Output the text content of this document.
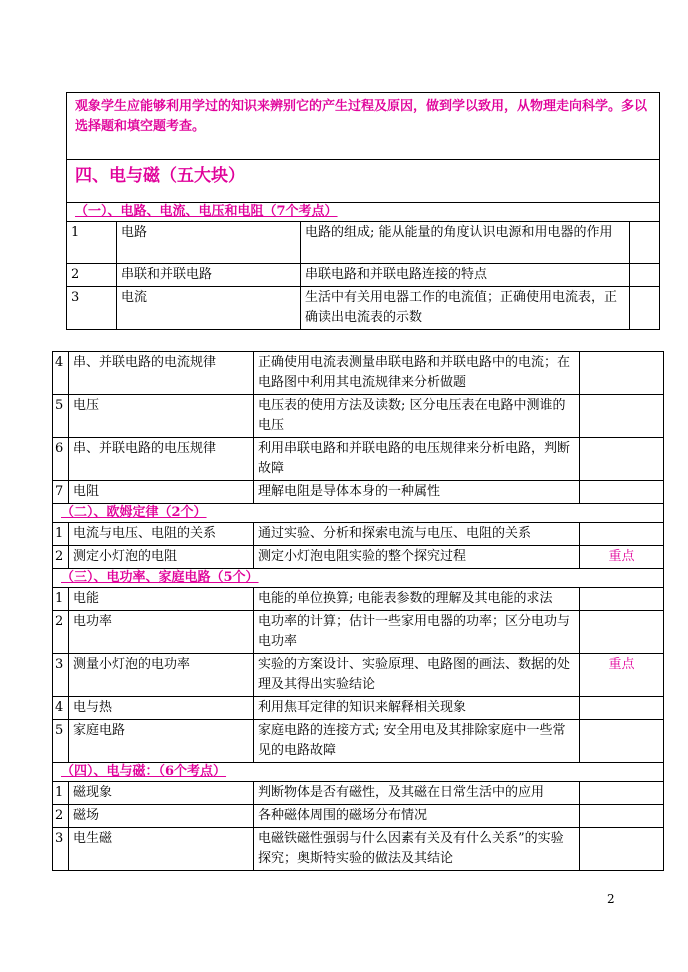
观象学生应能够利用学过的知识来辨别它的产生过程及原因，做到学以致用，从物理走向科学。多以选择题和填空题考查。			
四、电与磁（五大块）			
（一）、电路、电流、电压和电阻（7个考点）			
1	电路	电路的组成; 能从能量的角度认识电源和用电器的作用	
2	串联和并联电路	串联电路和并联电路连接的特点	
3	电流	生活中有关用电器工作的电流值；正确使用电流表，正确读出电流表的示数	
4	串、并联电路的电流规律	正确使用电流表测量串联电路和并联电路中的电流；在电路图中利用其电流规律来分析做题	
5	电压	电压表的使用方法及读数; 区分电压表在电路中测谁的电压	
6	串、并联电路的电压规律	利用串联电路和并联电路的电压规律来分析电路，判断故障	
7	电阻	理解电阻是导体本身的一种属性	
（二）、欧姆定律（2个）			
1	电流与电压、电阻的关系	通过实验、分析和探索电流与电压、电阻的关系	
2	测定小灯泡的电阻	测定小灯泡电阻实验的整个探究过程	重点
（三）、电功率、家庭电路（5个）			
1	电能	电能的单位换算; 电能表参数的理解及其电能的求法	
2	电功率	电功率的计算；估计一些家用电器的功率；区分电功与电功率	
3	测量小灯泡的电功率	实验的方案设计、实验原理、电路图的画法、数据的处理及其得出实验结论	重点
4	电与热	利用焦耳定律的知识来解释相关现象	
5	家庭电路	家庭电路的连接方式; 安全用电及其排除家庭中一些常见的电路故障	
（四）、电与磁：（6个考点）			
1	磁现象	判断物体是否有磁性，及其磁在日常生活中的应用	
2	磁场	各种磁体周围的磁场分布情况	
3	电生磁	电磁铁磁性强弱与什么因素有关及有什么关系”的实验探究；奥斯特实验的做法及其结论	
2
